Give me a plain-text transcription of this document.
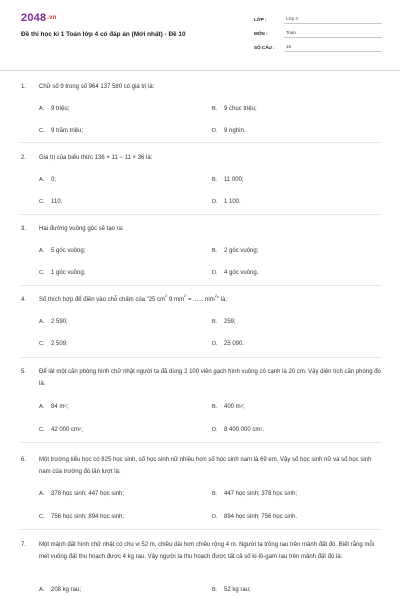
2048.vn
Đề thi học kì 1 Toán lớp 4 có đáp án (Mới nhất) - Đề 10
LỚP :	Lớp 4
MÔN :	Toán
SỐ CÂU :	16
1. Chữ số 9 trong số 964 137 580 có giá trị là:
A. 9 triệu;	B. 9 chục triệu;
C. 9 trăm triệu;	D. 9 nghìn.
2. Giá trị của biểu thức 136 × 11 − 11 × 36 là:
A. 0;	B. 11 000;
C. 110;	D. 1 100.
3. Hai đường vuông góc sẽ tạo ra:
A. 5 góc vuông;	B. 2 góc vuông;
C. 1 góc vuông;	D. 4 góc vuông.
4. Số thích hợp để điền vào chỗ chấm của "25 $cm^2$ 9 $mm^2$ = ...... $mm^2$" là:
A. 2 590;	B. 259;
C. 2 509;	D. 25 090.
5. Để lát một căn phòng hình chữ nhật người ta đã dùng 2 100 viên gạch hình vuông có cạnh là 20 cm. Vậy diện tích căn phòng đó là:
A. 84 $m^2$;	B. 400 $m^2$;
C. 42 000 $cm^2$;	D. 8 400 000 $cm^2$.
6. Một trường tiểu học có 825 học sinh, số học sinh nữ nhiều hơn số học sinh nam là 69 em. Vậy số học sinh nữ và số học sinh nam của trường đó lần lượt là:
A. 378 học sinh; 447 học sinh;	B. 447 học sinh; 378 học sinh;
C. 756 học sinh; 894 học sinh;	D. 894 học sinh; 756 học sinh.
7. Một mảnh đất hình chữ nhật có chu vi 52 m, chiều dài hơn chiều rộng 4 m. Người ta trồng rau trên mảnh đất đó. Biết rằng mỗi mét vuông đất thu hoạch được 4 kg rau. Vậy người ta thu hoạch được tất cả số ki-lô-gam rau trên mảnh đất đó là:
A. 208 kg rau;	B. 52 kg rau;
